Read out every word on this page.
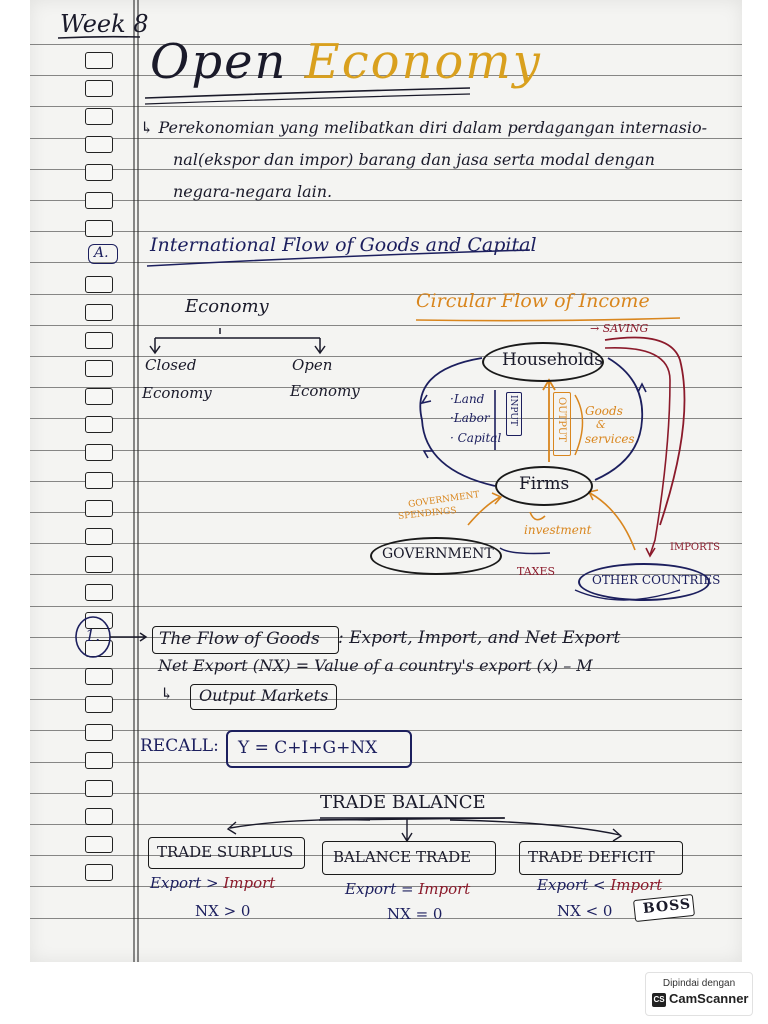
Week 8
Open Economy
↳ Perekonomian yang melibatkan diri dalam perdagangan internasio-
nal(ekspor dan impor) barang dan jasa serta modal dengan
negara-negara lain.
A. International Flow of Goods and Capital
Economy
Closed
Economy
Open
Economy
Circular Flow of Income
→ SAVING
Households
Firms
·Land
·Labor
· Capital
INPUT	OUTPUT Goods
&
services
GOVERNMENT
SPENDINGS
investment
GOVERNMENT
TAXES
IMPORTS
OTHER COUNTRIES
1.	The Flow of Goods : Export, Import, and Net Export
Net Export (NX) = Value of a country's export (x) – M
↳ Output Markets
RECALL: Y = C+I+G+NX
TRADE BALANCE
TRADE SURPLUS	BALANCE TRADE	TRADE DEFICIT
Export > Import	Export = Import	Export < Import
NX > 0	NX = 0	NX < 0 BOSS
Dipindai dengan
CS CamScanner
